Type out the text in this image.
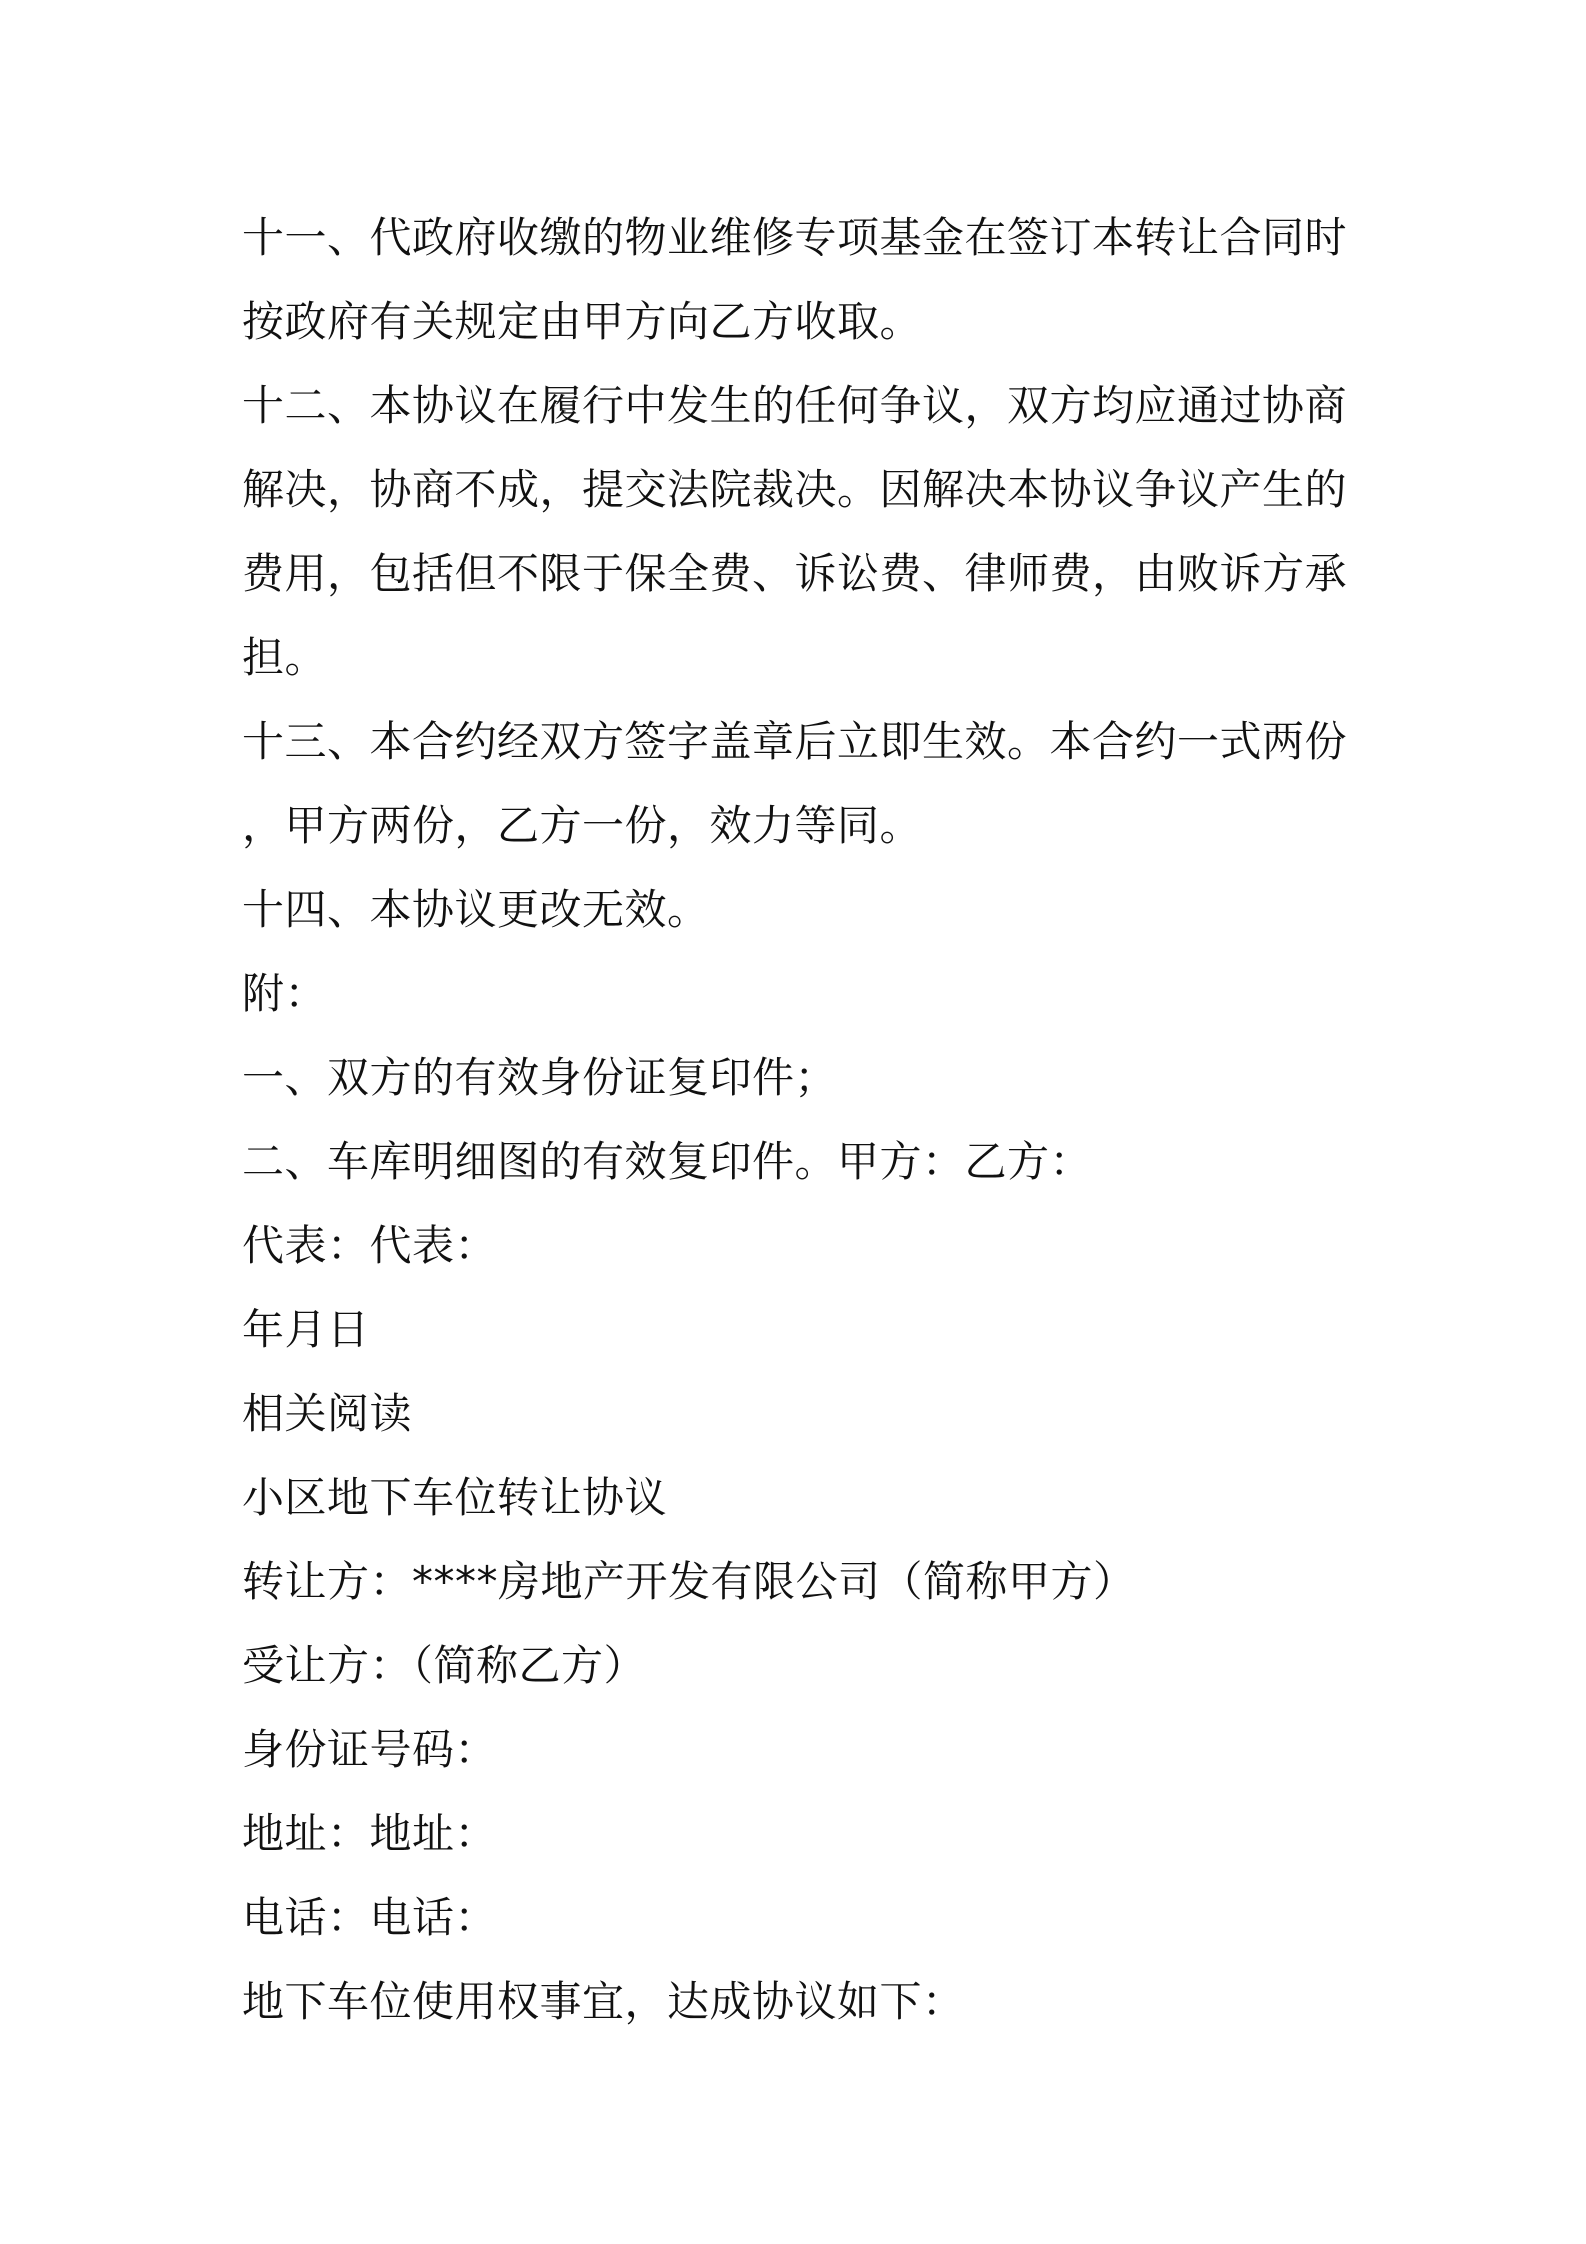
十一、代政府收缴的物业维修专项基金在签订本转让合同时
按政府有关规定由甲方向乙方收取。
十二、本协议在履行中发生的任何争议，双方均应通过协商
解决，协商不成，提交法院裁决。因解决本协议争议产生的
费用，包括但不限于保全费、诉讼费、律师费，由败诉方承
担。
十三、本合约经双方签字盖章后立即生效。本合约一式两份
，甲方两份，乙方一份，效力等同。
十四、本协议更改无效。
附：
一、双方的有效身份证复印件；
二、车库明细图的有效复印件。甲方：乙方：
代表：代表：
年月日
相关阅读
小区地下车位转让协议
转让方：****房地产开发有限公司（简称甲方）
受让方：（简称乙方）
身份证号码：
地址：地址：
电话：电话：
地下车位使用权事宜，达成协议如下：
